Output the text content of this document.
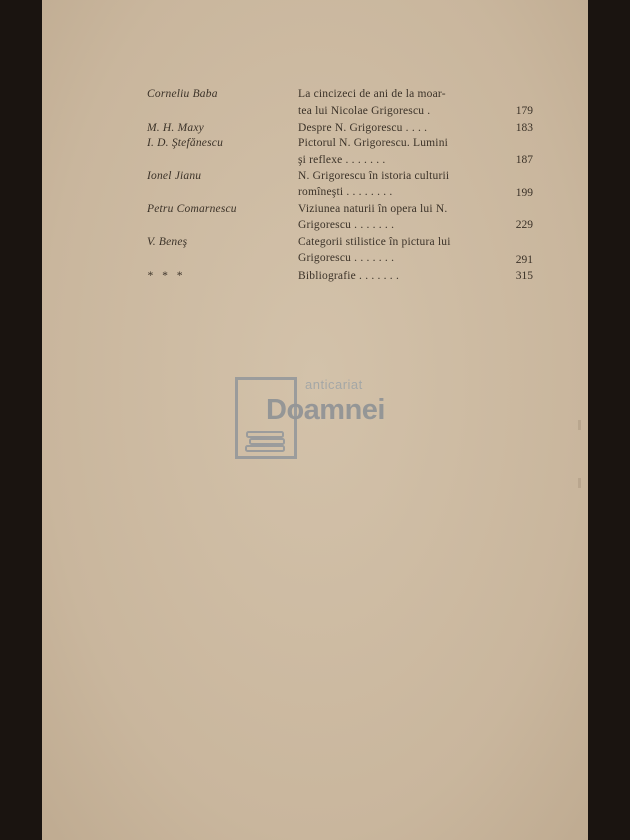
Corneliu Baba	La cincizeci de ani de la moar-
tea lui Nicolae Grigorescu .	179
M. H. Maxy	Despre N. Grigorescu . . . .	183
I. D. Ştefănescu	Pictorul N. Grigorescu. Lumini
şi reflexe . . . . . . .	187
Ionel Jianu	N. Grigorescu în istoria culturii
romîneşti . . . . . . . .	199
Petru Comarnescu	Viziunea naturii în opera lui N.
Grigorescu . . . . . . .	229
V. Beneş	Categorii stilistice în pictura lui
Grigorescu . . . . . . .	291
* * *	Bibliografie . . . . . . .	315
anticariat
Doamnei
